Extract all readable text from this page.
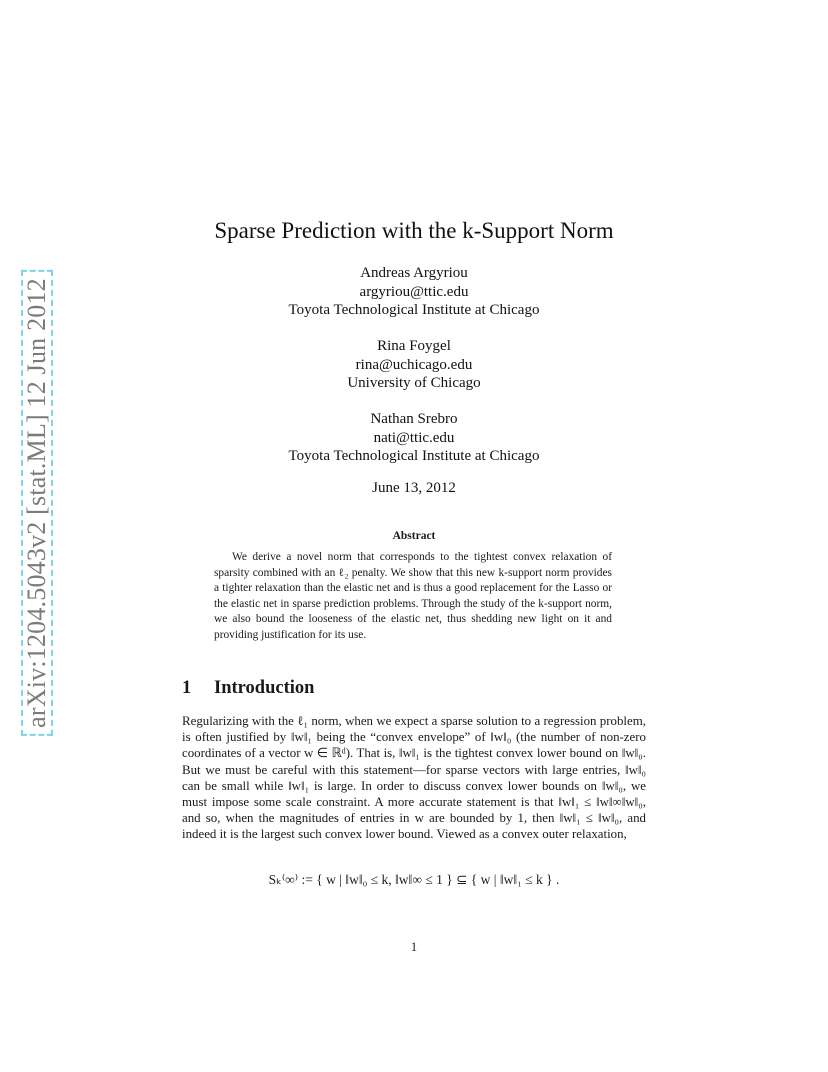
arXiv:1204.5043v2 [stat.ML] 12 Jun 2012
Sparse Prediction with the k-Support Norm
Andreas Argyriou
argyriou@ttic.edu
Toyota Technological Institute at Chicago
Rina Foygel
rina@uchicago.edu
University of Chicago
Nathan Srebro
nati@ttic.edu
Toyota Technological Institute at Chicago
June 13, 2012
Abstract

We derive a novel norm that corresponds to the tightest convex relaxation of sparsity combined with an ℓ₂ penalty. We show that this new k-support norm provides a tighter relaxation than the elastic net and is thus a good replacement for the Lasso or the elastic net in sparse prediction problems. Through the study of the k-support norm, we also bound the looseness of the elastic net, thus shedding new light on it and providing justification for its use.

1 Introduction

Regularizing with the ℓ₁ norm, when we expect a sparse solution to a regression problem, is often justified by ‖w‖₁ being the “convex envelope” of ‖w‖₀ (the number of non-zero coordinates of a vector w ∈ ℝᵈ). That is, ‖w‖₁ is the tightest convex lower bound on ‖w‖₀. But we must be careful with this statement—for sparse vectors with large entries, ‖w‖₀ can be small while ‖w‖₁ is large. In order to discuss convex lower bounds on ‖w‖₀, we must impose some scale constraint. A more accurate statement is that ‖w‖₁ ≤ ‖w‖∞‖w‖₀, and so, when the magnitudes of entries in w are bounded by 1, then ‖w‖₁ ≤ ‖w‖₀, and indeed it is the largest such convex lower bound. Viewed as a convex outer relaxation,

Sₖ⁽∞⁾ := { w | ‖w‖₀ ≤ k, ‖w‖∞ ≤ 1 } ⊆ { w | ‖w‖₁ ≤ k } .
1
